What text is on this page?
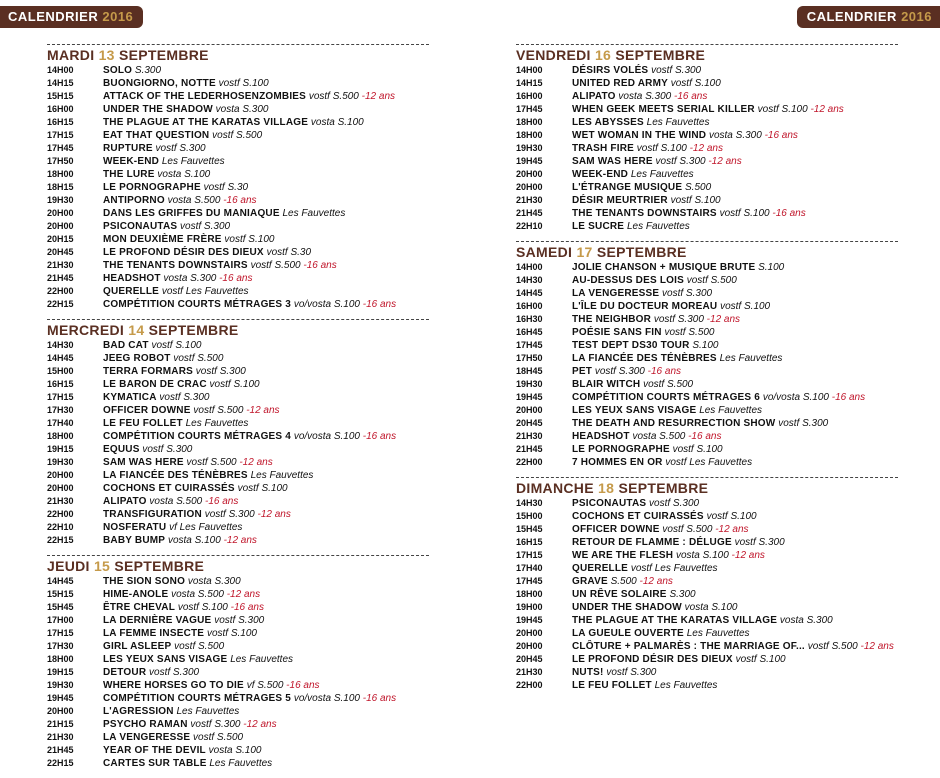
CALENDRIER 2016	CALENDRIER 2016
MARDI 13 SEPTEMBRE
14H00	SOLO S.300
14H15	BUONGIORNO, NOTTE vostf S.100
15H15	ATTACK OF THE LEDERHOSENZOMBIES vostf S.500 -12 ans
16H00	UNDER THE SHADOW vosta S.300
16H15	THE PLAGUE AT THE KARATAS VILLAGE vosta S.100
17H15	EAT THAT QUESTION vostf S.500
17H45	RUPTURE vostf S.300
17H50	WEEK-END Les Fauvettes
18H00	THE LURE vosta S.100
18H15	LE PORNOGRAPHE vostf S.30
19H30	ANTIPORNO vosta S.500 -16 ans
20H00	DANS LES GRIFFES DU MANIAQUE Les Fauvettes
20H00	PSICONAUTAS vostf S.300
20H15	MON DEUXIÈME FRÈRE vostf S.100
20H45	LE PROFOND DÉSIR DES DIEUX vostf S.30
21H30	THE TENANTS DOWNSTAIRS vostf S.500 -16 ans
21H45	HEADSHOT vosta S.300 -16 ans
22H00	QUERELLE vostf Les Fauvettes
22H15	COMPÉTITION COURTS MÉTRAGES 3 vo/vosta S.100 -16 ans
MERCREDI 14 SEPTEMBRE
14H30	BAD CAT vostf S.100
14H45	JEEG ROBOT vostf S.500
15H00	TERRA FORMARS vostf S.300
16H15	LE BARON DE CRAC vostf S.100
17H15	KYMATICA vostf S.300
17H30	OFFICER DOWNE vostf S.500 -12 ans
17H40	LE FEU FOLLET Les Fauvettes
18H00	COMPÉTITION COURTS MÉTRAGES 4 vo/vosta S.100 -16 ans
19H15	EQUUS vostf S.300
19H30	SAM WAS HERE vostf S.500 -12 ans
20H00	LA FIANCÉE DES TÉNÈBRES Les Fauvettes
20H00	COCHONS ET CUIRASSÉS vostf S.100
21H30	ALIPATO vosta S.500 -16 ans
22H00	TRANSFIGURATION vostf S.300 -12 ans
22H10	NOSFERATU vf Les Fauvettes
22H15	BABY BUMP vosta S.100 -12 ans
JEUDI 15 SEPTEMBRE
14H45	THE SION SONO vosta S.300
15H15	HIME-ANOLE vosta S.500 -12 ans
15H45	ÊTRE CHEVAL vostf S.100 -16 ans
17H00	LA DERNIÈRE VAGUE vostf S.300
17H15	LA FEMME INSECTE vostf S.100
17H30	GIRL ASLEEP vostf S.500
18H00	LES YEUX SANS VISAGE Les Fauvettes
19H15	DETOUR vostf S.300
19H30	WHERE HORSES GO TO DIE vf S.500 -16 ans
19H45	COMPÉTITION COURTS MÉTRAGES 5 vo/vosta S.100 -16 ans
20H00	L'AGRESSION Les Fauvettes
21H15	PSYCHO RAMAN vostf S.300 -12 ans
21H30	LA VENGERESSE vostf S.500
21H45	YEAR OF THE DEVIL vosta S.100
22H15	CARTES SUR TABLE Les Fauvettes
VENDREDI 16 SEPTEMBRE
14H00	DÉSIRS VOLÉS vostf S.300
14H15	UNITED RED ARMY vostf S.100
16H00	ALIPATO vosta S.300 -16 ans
17H45	WHEN GEEK MEETS SERIAL KILLER vostf S.100 -12 ans
18H00	LES ABYSSES Les Fauvettes
18H00	WET WOMAN IN THE WIND vosta S.300 -16 ans
19H30	TRASH FIRE vostf S.100 -12 ans
19H45	SAM WAS HERE vostf S.300 -12 ans
20H00	WEEK-END Les Fauvettes
20H00	L'ÉTRANGE MUSIQUE S.500
21H30	DÉSIR MEURTRIER vostf S.100
21H45	THE TENANTS DOWNSTAIRS vostf S.100 -16 ans
22H10	LE SUCRE Les Fauvettes
SAMEDI 17 SEPTEMBRE
14H00	JOLIE CHANSON + MUSIQUE BRUTE S.100
14H30	AU-DESSUS DES LOIS vostf S.500
14H45	LA VENGERESSE vostf S.300
16H00	L'ÎLE DU DOCTEUR MOREAU vostf S.100
16H30	THE NEIGHBOR vostf S.300 -12 ans
16H45	POÉSIE SANS FIN vostf S.500
17H45	TEST DEPT DS30 TOUR S.100
17H50	LA FIANCÉE DES TÉNÈBRES Les Fauvettes
18H45	PET vostf S.300 -16 ans
19H30	BLAIR WITCH vostf S.500
19H45	COMPÉTITION COURTS MÉTRAGES 6 vo/vosta S.100 -16 ans
20H00	LES YEUX SANS VISAGE Les Fauvettes
20H45	THE DEATH AND RESURRECTION SHOW vostf S.300
21H30	HEADSHOT vosta S.500 -16 ans
21H45	LE PORNOGRAPHE vostf S.100
22H00	7 HOMMES EN OR vostf Les Fauvettes
DIMANCHE 18 SEPTEMBRE
14H30	PSICONAUTAS vostf S.300
15H00	COCHONS ET CUIRASSÉS vostf S.100
15H45	OFFICER DOWNE vostf S.500 -12 ans
16H15	RETOUR DE FLAMME : DÉLUGE vostf S.300
17H15	WE ARE THE FLESH vosta S.100 -12 ans
17H40	QUERELLE vostf Les Fauvettes
17H45	GRAVE S.500 -12 ans
18H00	UN RÊVE SOLAIRE S.300
19H00	UNDER THE SHADOW vosta S.100
19H45	THE PLAGUE AT THE KARATAS VILLAGE vosta S.300
20H00	LA GUEULE OUVERTE Les Fauvettes
20H00	CLÔTURE + PALMARÈS : THE MARRIAGE OF... vostf S.500 -12 ans
20H45	LE PROFOND DÉSIR DES DIEUX vostf S.100
21H30	NUTS! vostf S.300
22H00	LE FEU FOLLET Les Fauvettes
